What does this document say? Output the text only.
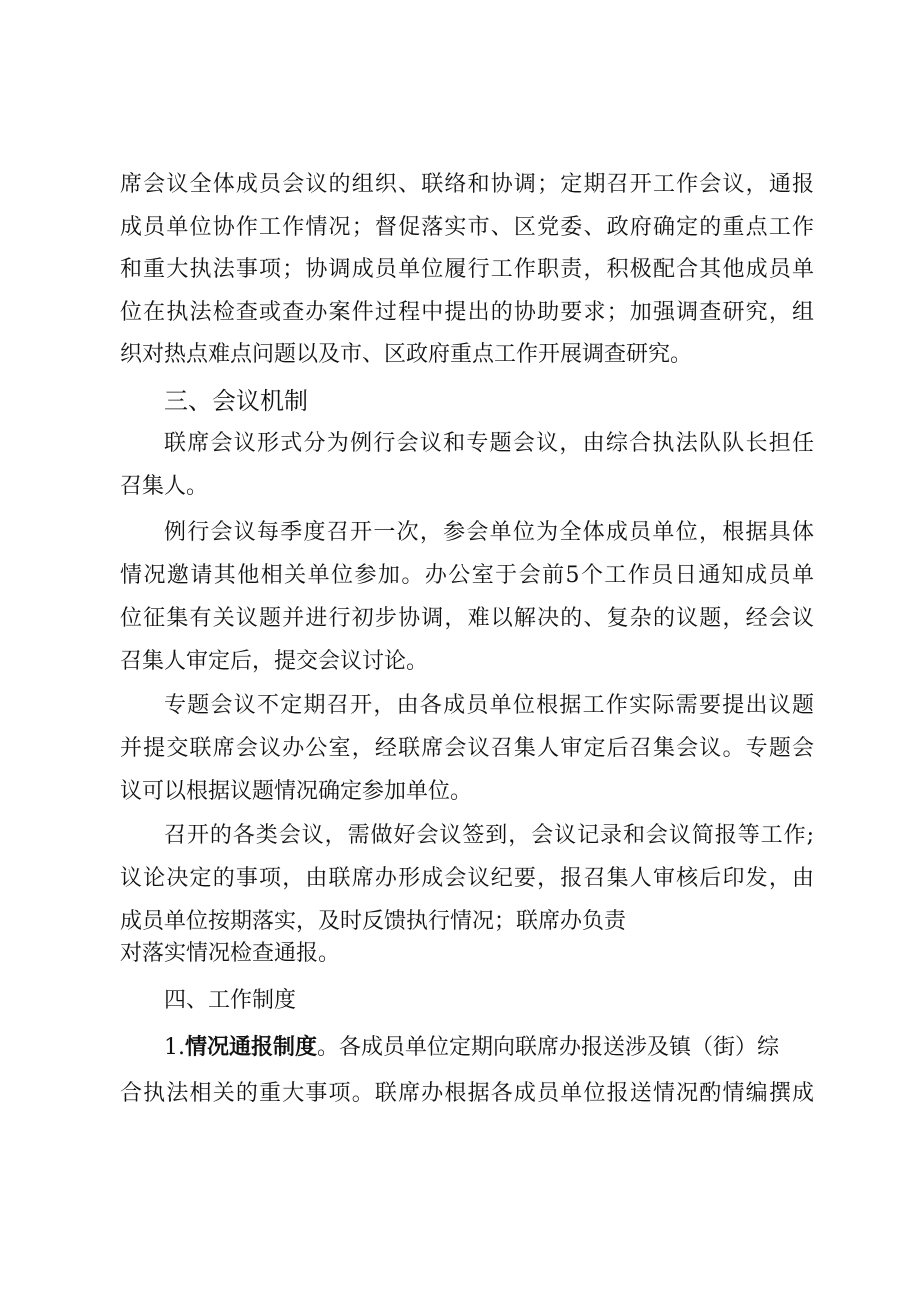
席会议全体成员会议的组织、联络和协调；定期召开工作会议，通报
成员单位协作工作情况；督促落实市、区党委、政府确定的重点工作
和重大执法事项；协调成员单位履行工作职责，积极配合其他成员单
位在执法检查或查办案件过程中提出的协助要求；加强调查研究，组
织对热点难点问题以及市、区政府重点工作开展调查研究。
三、会议机制
联席会议形式分为例行会议和专题会议，由综合执法队队长担任
召集人。
例行会议每季度召开一次，参会单位为全体成员单位，根据具体
情况邀请其他相关单位参加。办公室于会前5个工作员日通知成员单
位征集有关议题并进行初步协调，难以解决的、复杂的议题，经会议
召集人审定后，提交会议讨论。
专题会议不定期召开，由各成员单位根据工作实际需要提出议题
并提交联席会议办公室，经联席会议召集人审定后召集会议。专题会
议可以根据议题情况确定参加单位。
召开的各类会议，需做好会议签到，会议记录和会议简报等工作;
议论决定的事项，由联席办形成会议纪要，报召集人审核后印发，由
成员单位按期落实，及时反馈执行情况；联席办负责
对落实情况检查通报。
四、工作制度
1.情况通报制度。各成员单位定期向联席办报送涉及镇（街）综
合执法相关的重大事项。联席办根据各成员单位报送情况酌情编撰成
